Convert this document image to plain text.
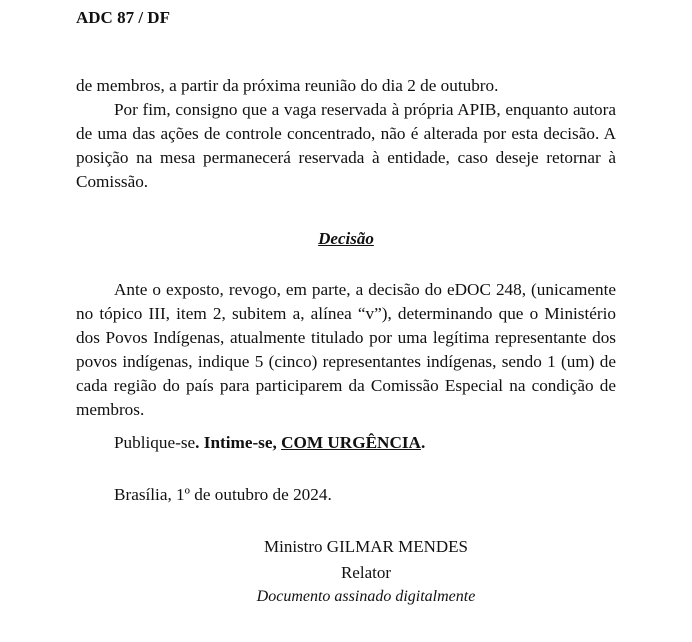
ADC 87 / DF
de membros, a partir da próxima reunião do dia 2 de outubro.
Por fim, consigno que a vaga reservada à própria APIB, enquanto autora de uma das ações de controle concentrado, não é alterada por esta decisão. A posição na mesa permanecerá reservada à entidade, caso deseje retornar à Comissão.
Decisão
Ante o exposto, revogo, em parte, a decisão do eDOC 248, (unicamente no tópico III, item 2, subitem a, alínea “v”), determinando que o Ministério dos Povos Indígenas, atualmente titulado por uma legítima representante dos povos indígenas, indique 5 (cinco) representantes indígenas, sendo 1 (um) de cada região do país para participarem da Comissão Especial na condição de membros.
Publique-se. Intime-se, COM URGÊNCIA.
Brasília, 1º de outubro de 2024.
Ministro GILMAR MENDES
Relator
Documento assinado digitalmente
